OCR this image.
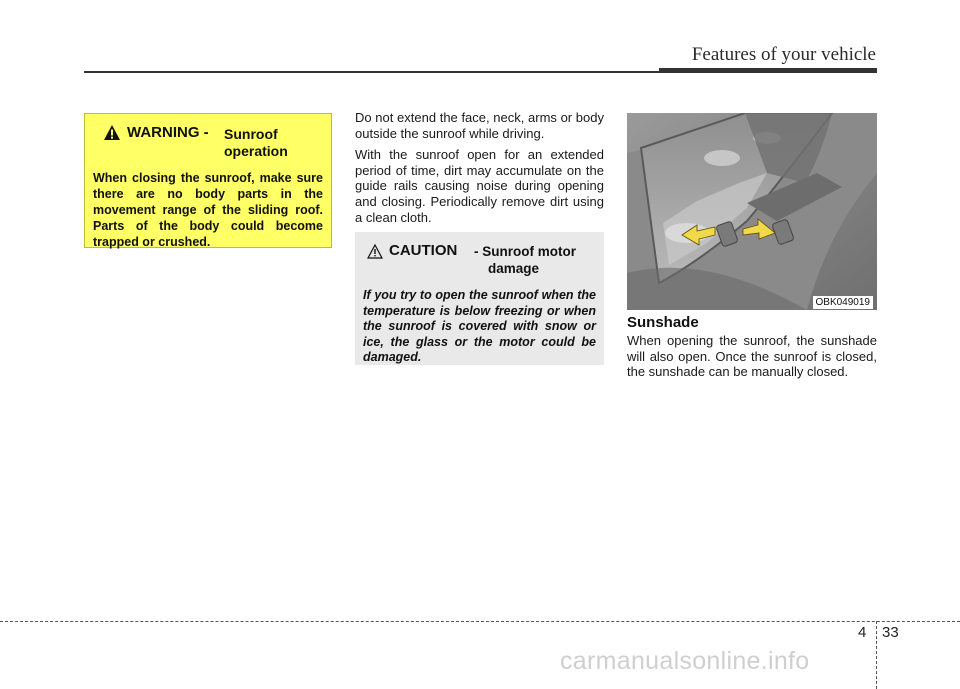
Features of your vehicle
WARNING - Sunroof
operation
When closing the sunroof, make sure there are no body parts in the movement range of the sliding roof. Parts of the body could become trapped or crushed.

Do not extend the face, neck, arms or body outside the sunroof while driving.

With the sunroof open for an extended period of time, dirt may accumulate on the guide rails causing noise during opening and closing. Periodically remove dirt using a clean cloth.

CAUTION - Sunroof motor
damage
If you try to open the sunroof when the temperature is below freezing or when the sunroof is covered with snow or ice, the glass or the motor could be damaged.
OBK049019
Sunshade

When opening the sunroof, the sunshade will also open. Once the sunroof is closed, the sunshade can be manually closed.

4 33
carmanualsonline.info
